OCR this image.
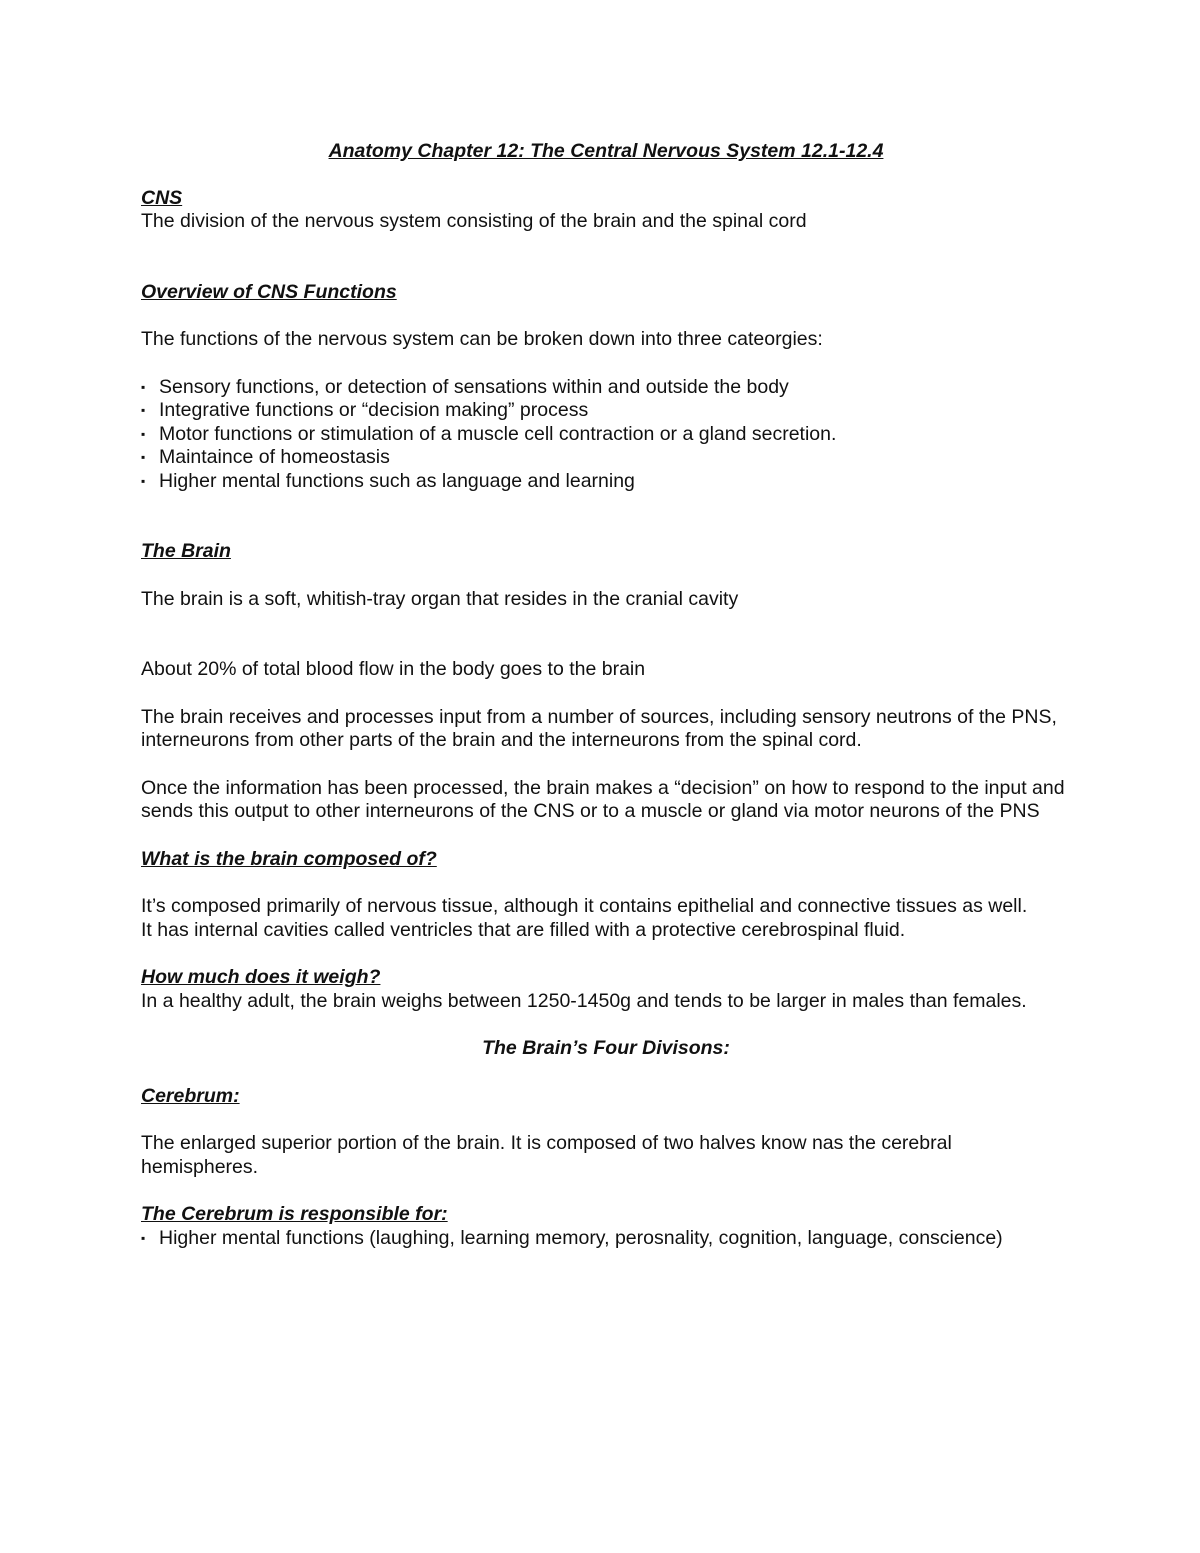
Anatomy Chapter 12: The Central Nervous System 12.1-12.4

CNS

The division of the nervous system consisting of the brain and the spinal cord

Overview of CNS Functions

The functions of the nervous system can be broken down into three cateorgies:

▪ Sensory functions, or detection of sensations within and outside the body
▪ Integrative functions or “decision making” process
▪ Motor functions or stimulation of a muscle cell contraction or a gland secretion.
▪ Maintaince of homeostasis
▪ Higher mental functions such as language and learning

The Brain

The brain is a soft, whitish-tray organ that resides in the cranial cavity

About 20% of total blood flow in the body goes to the brain

The brain receives and processes input from a number of sources, including sensory neutrons of the PNS, interneurons from other parts of the brain and the interneurons from the spinal cord.

Once the information has been processed, the brain makes a “decision” on how to respond to the input and sends this output to other interneurons of the CNS or to a muscle or gland via motor neurons of the PNS

What is the brain composed of?

It’s composed primarily of nervous tissue, although it contains epithelial and connective tissues as well.

It has internal cavities called ventricles that are filled with a protective cerebrospinal fluid.

How much does it weigh?

In a healthy adult, the brain weighs between 1250-1450g and tends to be larger in males than females.

The Brain’s Four Divisons:

Cerebrum:

The enlarged superior portion of the brain. It is composed of two halves know nas the cerebral hemispheres.

The Cerebrum is responsible for:

▪ Higher mental functions (laughing, learning memory, perosnality, cognition, language, conscience)
